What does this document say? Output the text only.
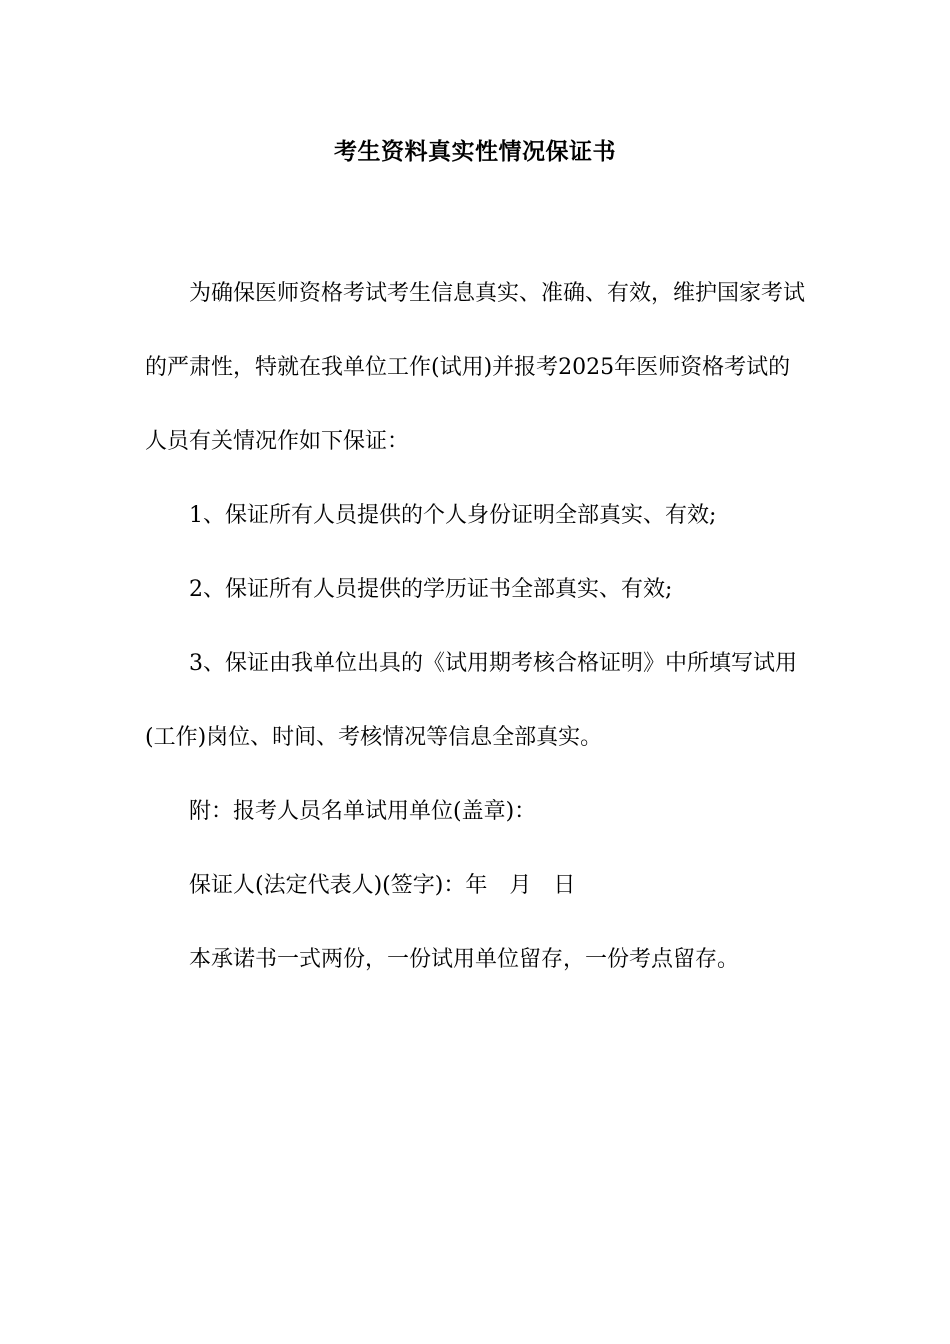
考生资料真实性情况保证书

为确保医师资格考试考生信息真实、准确、有效，维护国家考试的严肃性，特就在我单位工作(试用)并报考2025年医师资格考试的人员有关情况作如下保证：

1、保证所有人员提供的个人身份证明全部真实、有效;

2、保证所有人员提供的学历证书全部真实、有效;

3、保证由我单位出具的《试用期考核合格证明》中所填写试用(工作)岗位、时间、考核情况等信息全部真实。

附：报考人员名单试用单位(盖章)：

保证人(法定代表人)(签字)：年　月　日

本承诺书一式两份，一份试用单位留存，一份考点留存。
